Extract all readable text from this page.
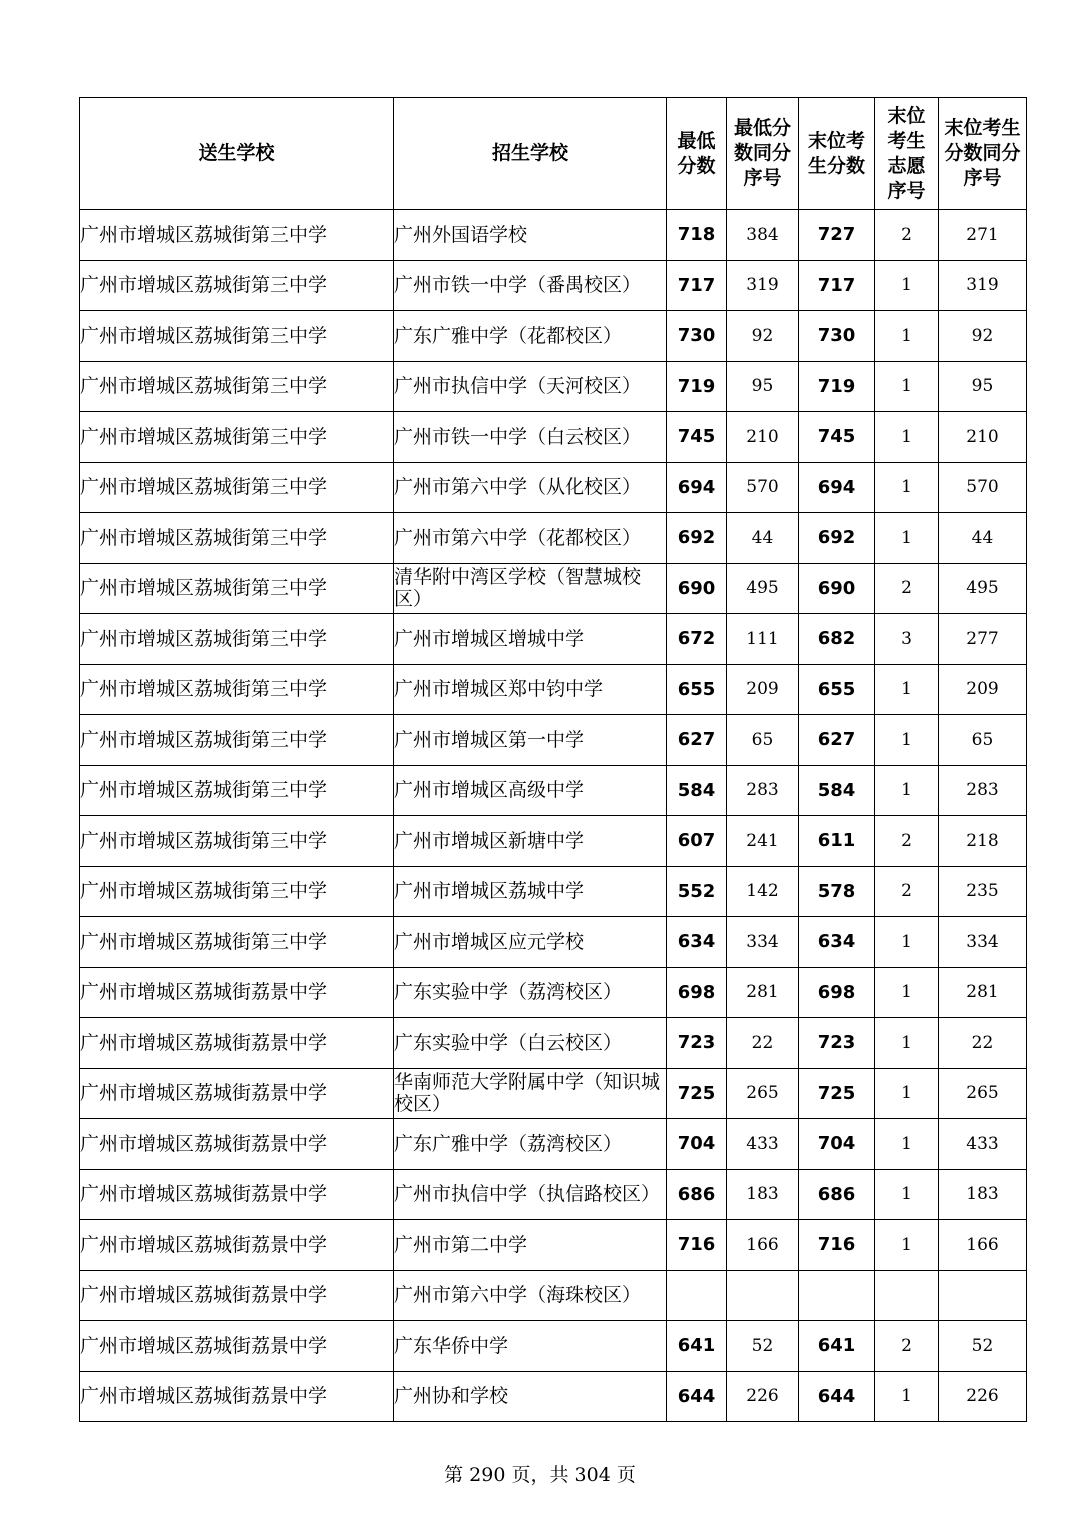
送生学校	招生学校	最低分数	最低分数同分序号	末位考生分数	末位考生志愿序号	末位考生分数同分序号

广州市增城区荔城街第三中学	广州外国语学校	718	384	727	2	271
广州市增城区荔城街第三中学	广州市铁一中学（番禺校区）	717	319	717	1	319
广州市增城区荔城街第三中学	广东广雅中学（花都校区）	730	92	730	1	92
广州市增城区荔城街第三中学	广州市执信中学（天河校区）	719	95	719	1	95
广州市增城区荔城街第三中学	广州市铁一中学（白云校区）	745	210	745	1	210
广州市增城区荔城街第三中学	广州市第六中学（从化校区）	694	570	694	1	570
广州市增城区荔城街第三中学	广州市第六中学（花都校区）	692	44	692	1	44
广州市增城区荔城街第三中学	清华附中湾区学校（智慧城校区）	690	495	690	2	495
广州市增城区荔城街第三中学	广州市增城区增城中学	672	111	682	3	277
广州市增城区荔城街第三中学	广州市增城区郑中钧中学	655	209	655	1	209
广州市增城区荔城街第三中学	广州市增城区第一中学	627	65	627	1	65
广州市增城区荔城街第三中学	广州市增城区高级中学	584	283	584	1	283
广州市增城区荔城街第三中学	广州市增城区新塘中学	607	241	611	2	218
广州市增城区荔城街第三中学	广州市增城区荔城中学	552	142	578	2	235
广州市增城区荔城街第三中学	广州市增城区应元学校	634	334	634	1	334
广州市增城区荔城街荔景中学	广东实验中学（荔湾校区）	698	281	698	1	281
广州市增城区荔城街荔景中学	广东实验中学（白云校区）	723	22	723	1	22
广州市增城区荔城街荔景中学	华南师范大学附属中学（知识城校区）	725	265	725	1	265
广州市增城区荔城街荔景中学	广东广雅中学（荔湾校区）	704	433	704	1	433
广州市增城区荔城街荔景中学	广州市执信中学（执信路校区）	686	183	686	1	183
广州市增城区荔城街荔景中学	广州市第二中学	716	166	716	1	166
广州市增城区荔城街荔景中学	广州市第六中学（海珠校区）					
广州市增城区荔城街荔景中学	广东华侨中学	641	52	641	2	52
广州市增城区荔城街荔景中学	广州协和学校	644	226	644	1	226
第 290 页，共 304 页
